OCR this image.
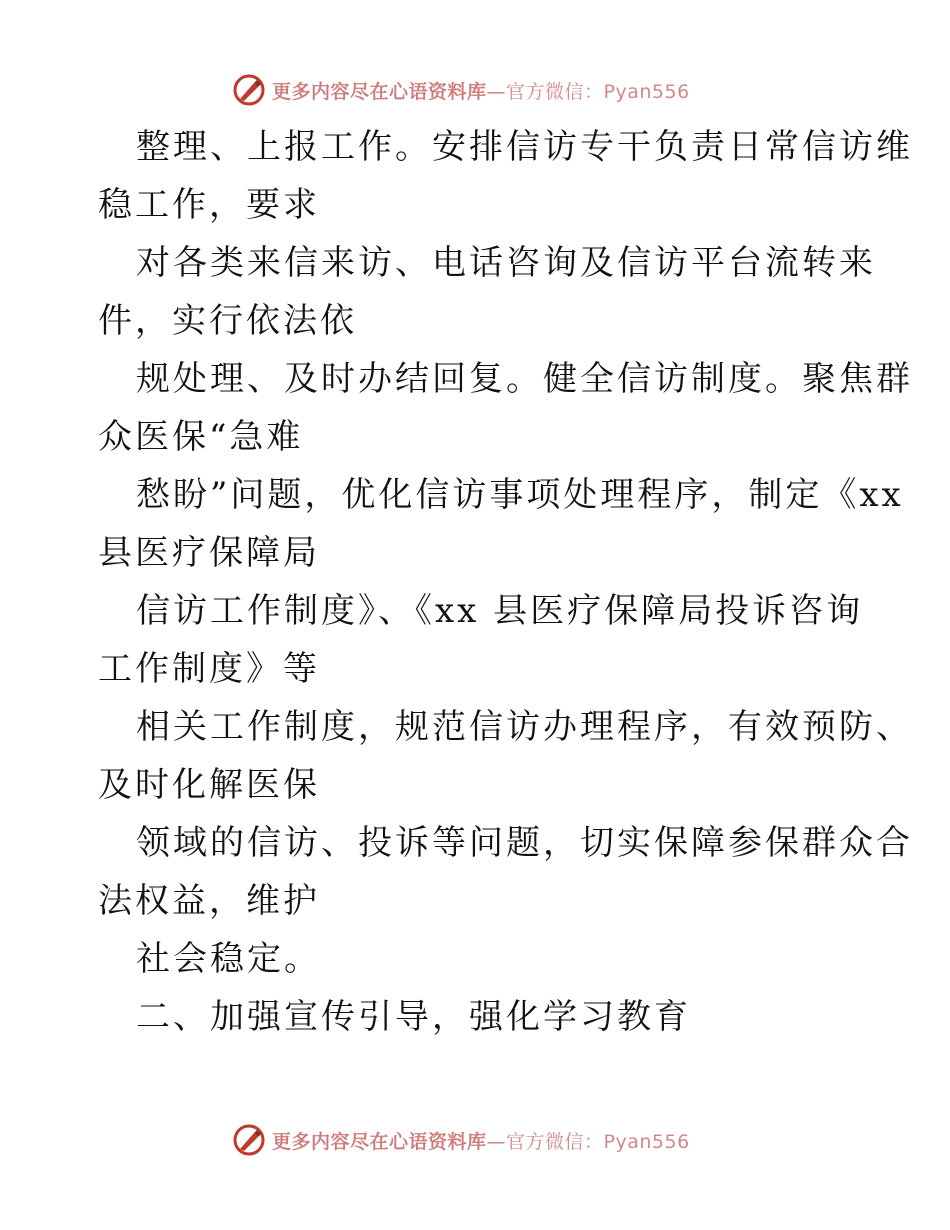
更多内容尽在心语资料库—官方微信：Pyan556
整理、上报工作。安排信访专干负责日常信访维
稳工作，要求
对各类来信来访、电话咨询及信访平台流转来
件，实行依法依
规处理、及时办结回复。健全信访制度。聚焦群
众医保“急难
愁盼”问题，优化信访事项处理程序，制定《xx
县医疗保障局
信访工作制度》、《xx 县医疗保障局投诉咨询
工作制度》等
相关工作制度，规范信访办理程序，有效预防、
及时化解医保
领域的信访、投诉等问题，切实保障参保群众合
法权益，维护
社会稳定。
二、加强宣传引导，强化学习教育
更多内容尽在心语资料库—官方微信：Pyan556
